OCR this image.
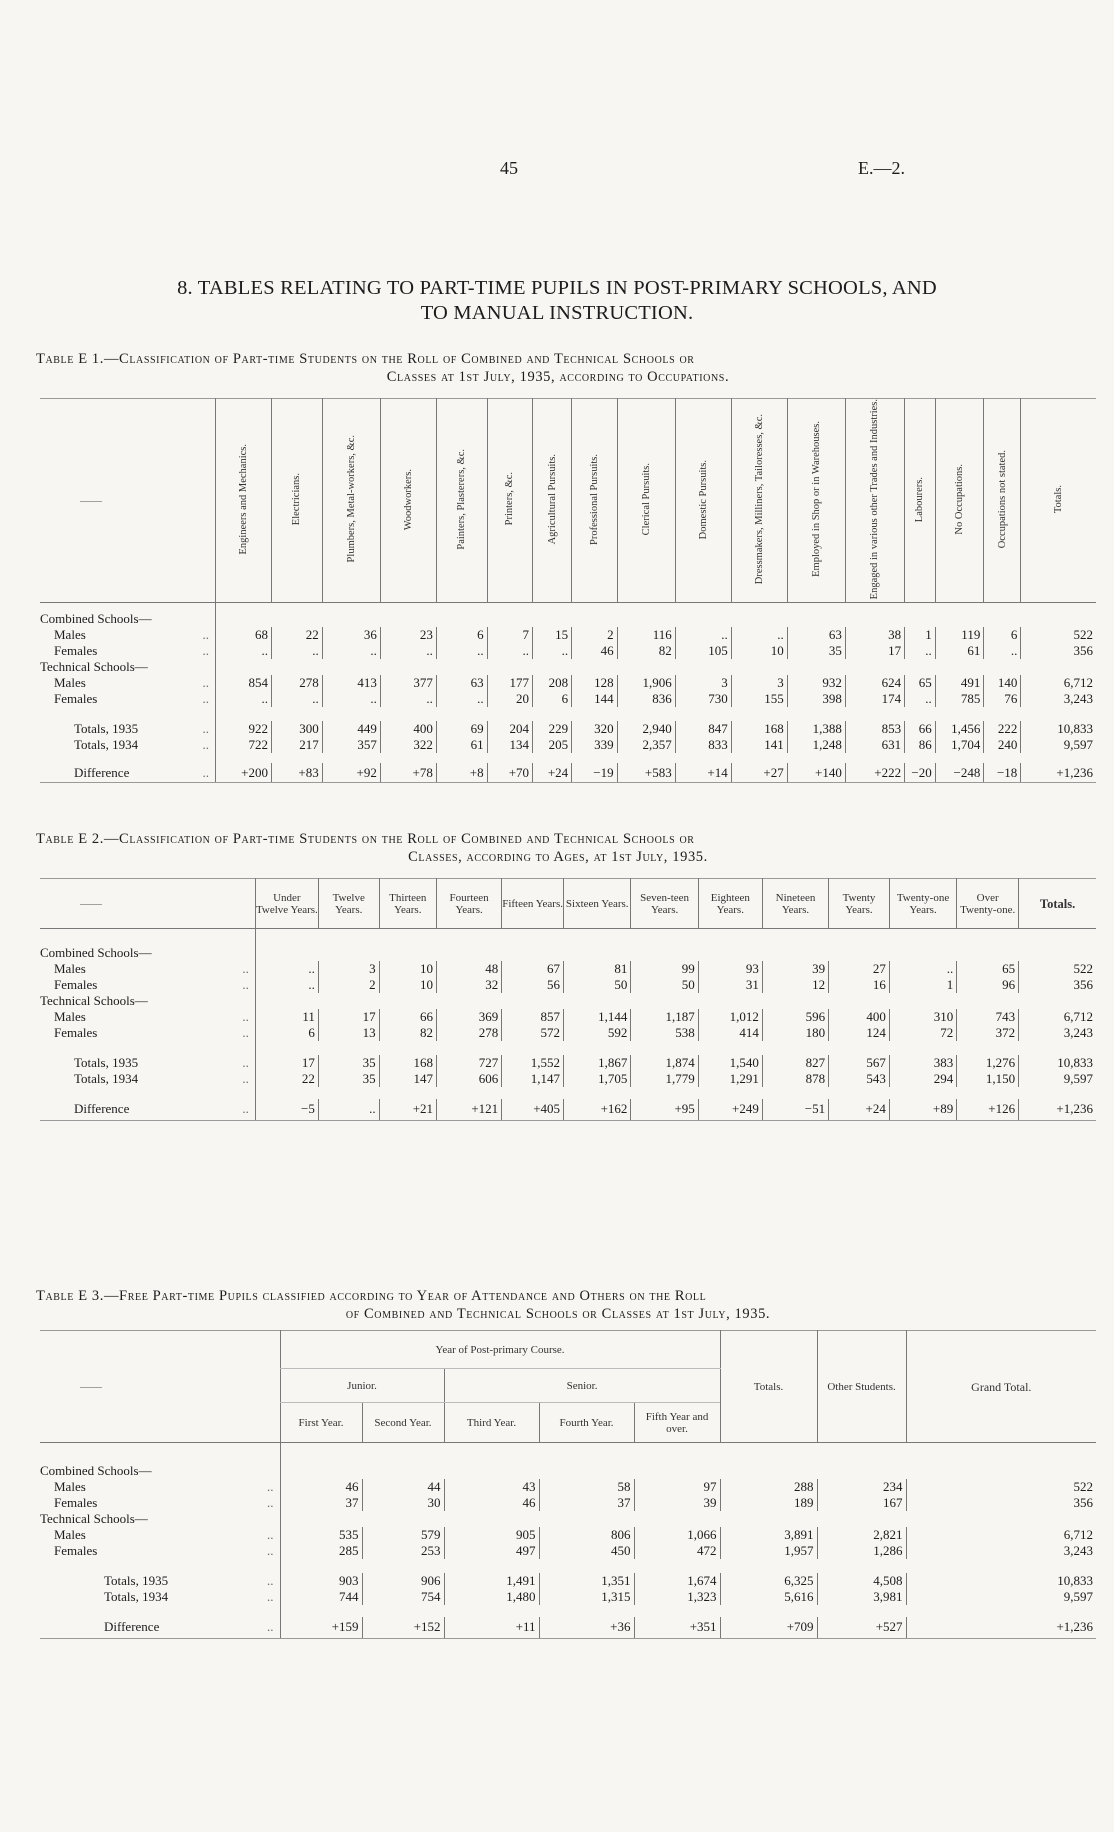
45	E.—2.
8. TABLES RELATING TO PART-TIME PUPILS IN POST-PRIMARY SCHOOLS, AND
TO MANUAL INSTRUCTION.
Table E 1.—Classification of Part-time Students on the Roll of Combined and Technical Schools or
Classes at 1st July, 1935, according to Occupations.
——	Engineers and Mechanics.	Electricians.	Plumbers, Metal-workers, &c.	Woodworkers.	Painters, Plasterers, &c.	Printers, &c.	Agricultural Pursuits.	Professional Pursuits.	Clerical Pursuits.	Domestic Pursuits.	Dressmakers, Milliners, Tailoresses, &c.	Employed in Shop or in Warehouses.	Engaged in various other Trades and Industries.	Labourers.	No Occupations.	Occupations not stated.	Totals.

Combined Schools—																	
Males ..	68	22	36	23	6	7	15	2	116	..	..	63	38	1	119	6	522
Females ..	..	..	..	..	..	..	..	46	82	105	10	35	17	..	61	..	356
Technical Schools—																	
Males ..	854	278	413	377	63	177	208	128	1,906	3	3	932	624	65	491	140	6,712
Females ..	..	..	..	..	..	20	6	144	836	730	155	398	174	..	785	76	3,243

Totals, 1935 ..	922	300	449	400	69	204	229	320	2,940	847	168	1,388	853	66	1,456	222	10,833
Totals, 1934 ..	722	217	357	322	61	134	205	339	2,357	833	141	1,248	631	86	1,704	240	9,597

Difference ..	+200	+83	+92	+78	+8	+70	+24	−19	+583	+14	+27	+140	+222	−20	−248	−18	+1,236
Table E 2.—Classification of Part-time Students on the Roll of Combined and Technical Schools or
Classes, according to Ages, at 1st July, 1935.
——	Under Twelve Years.	Twelve Years.	Thirteen Years.	Fourteen Years.	Fifteen Years.	Sixteen Years.	Seven-teen Years.	Eighteen Years.	Nineteen Years.	Twenty Years.	Twenty-one Years.	Over Twenty-one.	Totals.

Combined Schools—													
Males ..	..	3	10	48	67	81	99	93	39	27	..	65	522
Females ..	..	2	10	32	56	50	50	31	12	16	1	96	356
Technical Schools—													
Males ..	11	17	66	369	857	1,144	1,187	1,012	596	400	310	743	6,712
Females ..	6	13	82	278	572	592	538	414	180	124	72	372	3,243

Totals, 1935 ..	17	35	168	727	1,552	1,867	1,874	1,540	827	567	383	1,276	10,833
Totals, 1934 ..	22	35	147	606	1,147	1,705	1,779	1,291	878	543	294	1,150	9,597

Difference ..	−5	..	+21	+121	+405	+162	+95	+249	−51	+24	+89	+126	+1,236
Table E 3.—Free Part-time Pupils classified according to Year of Attendance and Others on the Roll
of Combined and Technical Schools or Classes at 1st July, 1935.
——	Year of Post-primary Course.					Totals.	Other Students.	Grand Total.
	Junior.		Senior.					
	First Year.	Second Year.	Third Year.	Fourth Year.	Fifth Year and over.			

Combined Schools—								
Males ..	46	44	43	58	97	288	234	522
Females ..	37	30	46	37	39	189	167	356
Technical Schools—								
Males ..	535	579	905	806	1,066	3,891	2,821	6,712
Females ..	285	253	497	450	472	1,957	1,286	3,243

Totals, 1935 ..	903	906	1,491	1,351	1,674	6,325	4,508	10,833
Totals, 1934 ..	744	754	1,480	1,315	1,323	5,616	3,981	9,597

Difference ..	+159	+152	+11	+36	+351	+709	+527	+1,236
